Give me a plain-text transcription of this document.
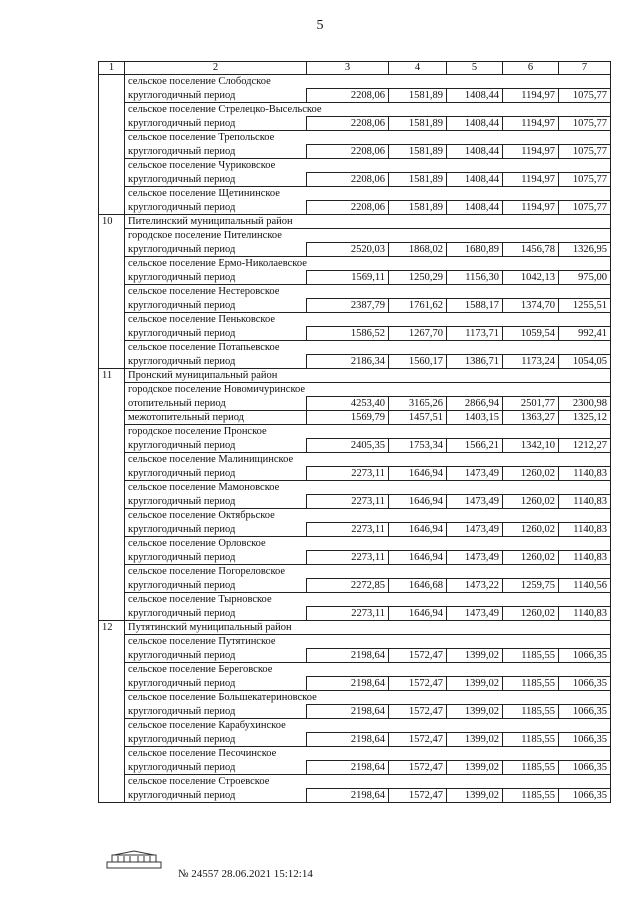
5
1	2	3	4	5	6	7
	сельское поселение Слободское					
	круглогодичный период	2208,06	1581,89	1408,44	1194,97	1075,77
	сельское поселение Стрелецко-Высельское					
	круглогодичный период	2208,06	1581,89	1408,44	1194,97	1075,77
	сельское поселение Трепольское					
	круглогодичный период	2208,06	1581,89	1408,44	1194,97	1075,77
	сельское поселение Чуриковское					
	круглогодичный период	2208,06	1581,89	1408,44	1194,97	1075,77
	сельское поселение Щетининское					
	круглогодичный период	2208,06	1581,89	1408,44	1194,97	1075,77
10	Пителинский муниципальный район					
	городское поселение Пителинское					
	круглогодичный период	2520,03	1868,02	1680,89	1456,78	1326,95
	сельское поселение Ермо-Николаевское					
	круглогодичный период	1569,11	1250,29	1156,30	1042,13	975,00
	сельское поселение Нестеровское					
	круглогодичный период	2387,79	1761,62	1588,17	1374,70	1255,51
	сельское поселение Пеньковское					
	круглогодичный период	1586,52	1267,70	1173,71	1059,54	992,41
	сельское поселение Потапьевское					
	круглогодичный период	2186,34	1560,17	1386,71	1173,24	1054,05
11	Пронский муниципальный район					
	городское поселение Новомичуринское					
	отопительный период	4253,40	3165,26	2866,94	2501,77	2300,98
	межотопительный период	1569,79	1457,51	1403,15	1363,27	1325,12
	городское поселение Пронское					
	круглогодичный период	2405,35	1753,34	1566,21	1342,10	1212,27
	сельское поселение Малинищинское					
	круглогодичный период	2273,11	1646,94	1473,49	1260,02	1140,83
	сельское поселение Мамоновское					
	круглогодичный период	2273,11	1646,94	1473,49	1260,02	1140,83
	сельское поселение Октябрьское					
	круглогодичный период	2273,11	1646,94	1473,49	1260,02	1140,83
	сельское поселение Орловское					
	круглогодичный период	2273,11	1646,94	1473,49	1260,02	1140,83
	сельское поселение Погореловское					
	круглогодичный период	2272,85	1646,68	1473,22	1259,75	1140,56
	сельское поселение Тырновское					
	круглогодичный период	2273,11	1646,94	1473,49	1260,02	1140,83
12	Путятинский муниципальный район					
	сельское поселение Путятинское					
	круглогодичный период	2198,64	1572,47	1399,02	1185,55	1066,35
	сельское поселение Береговское					
	круглогодичный период	2198,64	1572,47	1399,02	1185,55	1066,35
	сельское поселение Большекатериновское					
	круглогодичный период	2198,64	1572,47	1399,02	1185,55	1066,35
	сельское поселение Карабухинское					
	круглогодичный период	2198,64	1572,47	1399,02	1185,55	1066,35
	сельское поселение Песочинское					
	круглогодичный период	2198,64	1572,47	1399,02	1185,55	1066,35
	сельское поселение Строевское					
	круглогодичный период	2198,64	1572,47	1399,02	1185,55	1066,35
№ 24557 28.06.2021 15:12:14
